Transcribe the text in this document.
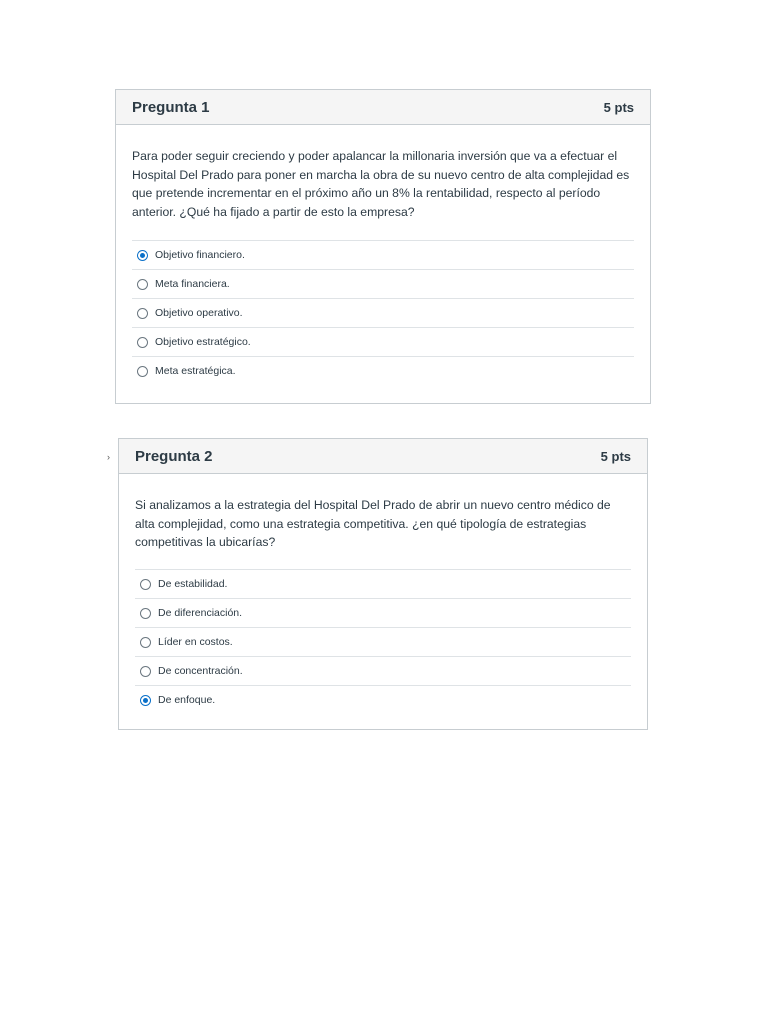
Pregunta 1	5 pts
Para poder seguir creciendo y poder apalancar la millonaria inversión que va a efectuar el Hospital Del Prado para poner en marcha la obra de su nuevo centro de alta complejidad es que pretende incrementar en el próximo año un 8% la rentabilidad, respecto al período anterior. ¿Qué ha fijado a partir de esto la empresa?
Objetivo financiero.
Meta financiera.
Objetivo operativo.
Objetivo estratégico.
Meta estratégica.
› Pregunta 2	5 pts
Si analizamos a la estrategia del Hospital Del Prado de abrir un nuevo centro médico de alta complejidad, como una estrategia competitiva. ¿en qué tipología de estrategias competitivas la ubicarías?
De estabilidad.
De diferenciación.
Líder en costos.
De concentración.
De enfoque.
